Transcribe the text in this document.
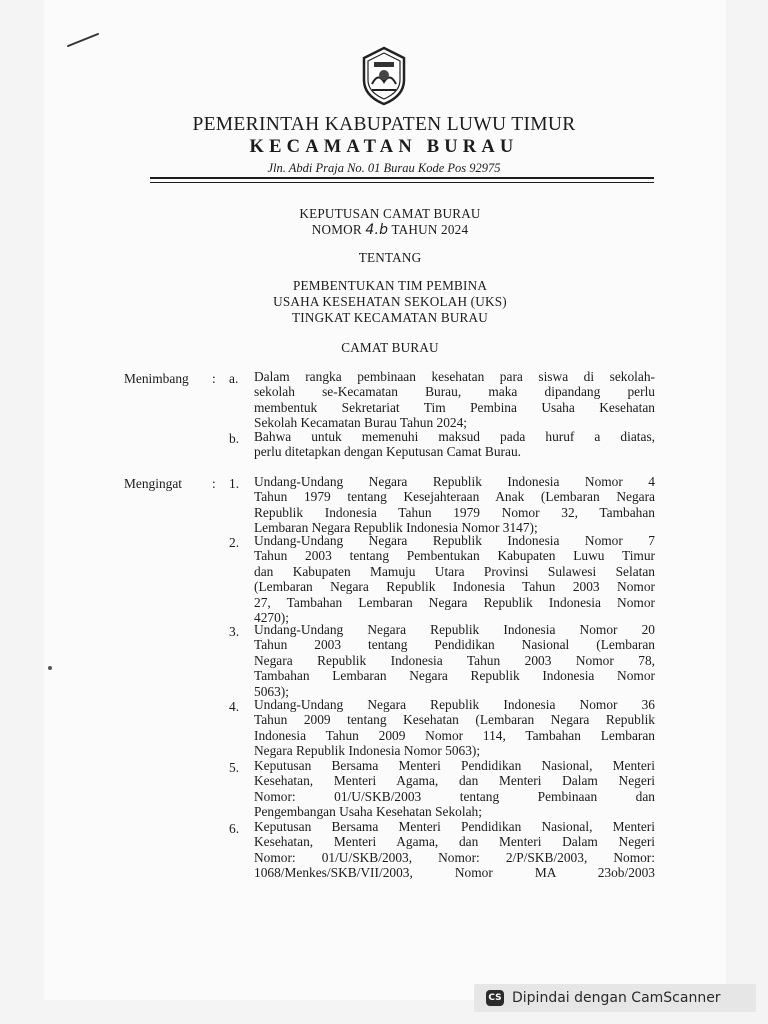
PEMERINTAH KABUPATEN LUWU TIMUR
KECAMATAN BURAU
Jln. Abdi Praja No. 01 Burau Kode Pos 92975
KEPUTUSAN CAMAT BURAU
NOMOR 4.b TAHUN 2024
TENTANG
PEMBENTUKAN TIM PEMBINA
USAHA KESEHATAN SEKOLAH (UKS)
TINGKAT KECAMATAN BURAU
CAMAT BURAU
Menimbang : a. Dalam rangka pembinaan kesehatan para siswa di sekolah-
sekolah se-Kecamatan Burau, maka dipandang perlu
membentuk Sekretariat Tim Pembina Usaha Kesehatan
Sekolah Kecamatan Burau Tahun 2024;
b. Bahwa untuk memenuhi maksud pada huruf a diatas,
perlu ditetapkan dengan Keputusan Camat Burau.
Mengingat : 1. Undang-Undang Negara Republik Indonesia Nomor 4
Tahun 1979 tentang Kesejahteraan Anak (Lembaran Negara
Republik Indonesia Tahun 1979 Nomor 32, Tambahan
Lembaran Negara Republik Indonesia Nomor 3147);
2. Undang-Undang Negara Republik Indonesia Nomor 7
Tahun 2003 tentang Pembentukan Kabupaten Luwu Timur
dan Kabupaten Mamuju Utara Provinsi Sulawesi Selatan
(Lembaran Negara Republik Indonesia Tahun 2003 Nomor
27, Tambahan Lembaran Negara Republik Indonesia Nomor
4270);
3. Undang-Undang Negara Republik Indonesia Nomor 20
Tahun 2003 tentang Pendidikan Nasional (Lembaran
Negara Republik Indonesia Tahun 2003 Nomor 78,
Tambahan Lembaran Negara Republik Indonesia Nomor
5063);
4. Undang-Undang Negara Republik Indonesia Nomor 36
Tahun 2009 tentang Kesehatan (Lembaran Negara Republik
Indonesia Tahun 2009 Nomor 114, Tambahan Lembaran
Negara Republik Indonesia Nomor 5063);
5. Keputusan Bersama Menteri Pendidikan Nasional, Menteri
Kesehatan, Menteri Agama, dan Menteri Dalam Negeri
Nomor: 01/U/SKB/2003 tentang Pembinaan dan
Pengembangan Usaha Kesehatan Sekolah;
6. Keputusan Bersama Menteri Pendidikan Nasional, Menteri
Kesehatan, Menteri Agama, dan Menteri Dalam Negeri
Nomor: 01/U/SKB/2003, Nomor: 2/P/SKB/2003, Nomor:
1068/Menkes/SKB/VII/2003, Nomor MA 23ob/2003
CS Dipindai dengan CamScanner
